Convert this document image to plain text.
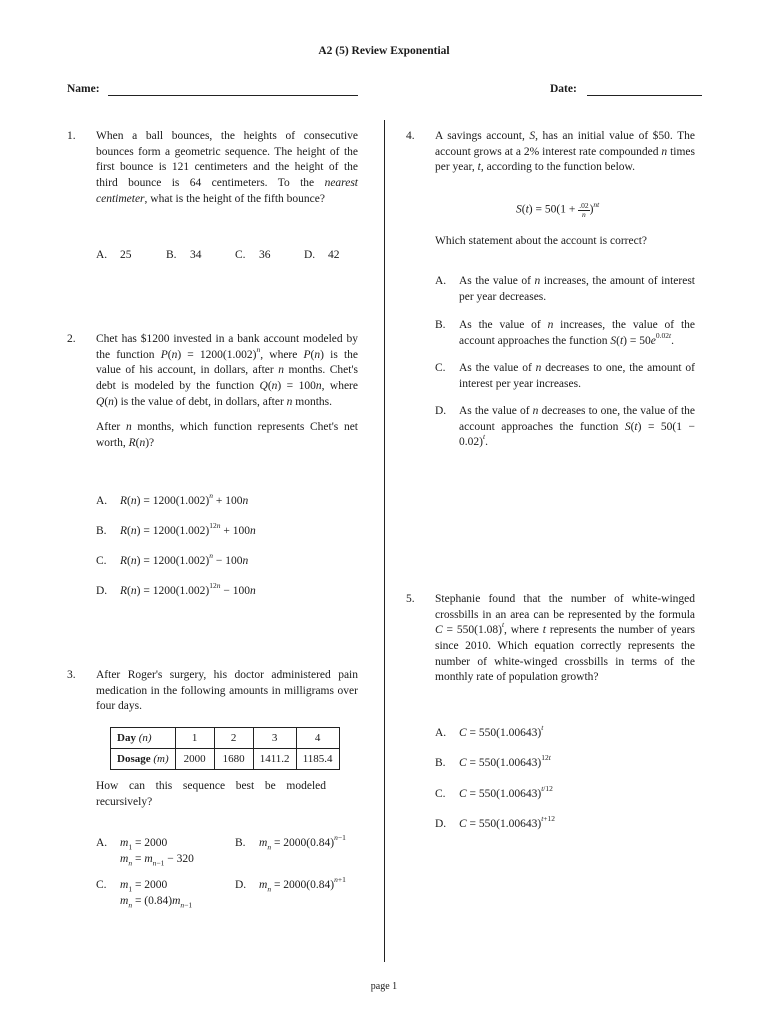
A2 (5) Review Exponential
Name:	Date:
1.	When a ball bounces, the heights of consecutive bounces form a geometric sequence. The height of the first bounce is 121 centimeters and the height of the third bounce is 64 centimeters. To the nearest centimeter, what is the height of the fifth bounce?
A. 25	B. 34	C. 36	D. 42
2.	Chet has $1200 invested in a bank account modeled by the function $P(n) = 1200(1.002)^n$, where P(n) is the value of his account, in dollars, after n months. Chet's debt is modeled by the function Q(n) = 100n, where Q(n) is the value of debt, in dollars, after n months.

After n months, which function represents Chet's net worth, R(n)?

A. $R(n) = 1200(1.002)^n + 100n$
B. $R(n) = 1200(1.002)^{12n} + 100n$
C. $R(n) = 1200(1.002)^n - 100n$
D. $R(n) = 1200(1.002)^{12n} - 100n$
3.	After Roger's surgery, his doctor administered pain medication in the following amounts in milligrams over four days.
Day (n)	1	2	3	4
Dosage (m)	2000	1680	1411.2	1185.4
How can this sequence best be modeled recursively?
A. $m_1 = 2000$
$m_n = m_{n-1} - 320$
B. $m_n = 2000(0.84)^{n-1}$
C. $m_1 = 2000$
$m_n = (0.84)m_{n-1}$
D. $m_n = 2000(0.84)^{n+1}$
4.	A savings account, S, has an initial value of $50. The account grows at a 2% interest rate compounded n times per year, t, according to the function below.
$S(t) = 50(1 + \frac{.02}{n} )^{nt}$
Which statement about the account is correct?
A.	As the value of n increases, the amount of interest per year decreases.
B.	As the value of n increases, the value of the account approaches the function $S(t) = 50e^{0.02t}$.
C.	As the value of n decreases to one, the amount of interest per year increases.
D.	As the value of n decreases to one, the value of the account approaches the function $S(t) = 50(1 - 0.02)^t$.
5.	Stephanie found that the number of white-winged crossbills in an area can be represented by the formula $C = 550(1.08)^t$, where t represents the number of years since 2010. Which equation correctly represents the number of white-winged crossbills in terms of the monthly rate of population growth?
A. $C = 550(1.00643)^t$
B. $C = 550(1.00643)^{12t}$
C. $C = 550(1.00643)^{t/12}$
D. $C = 550(1.00643)^{t+12}$
page 1
